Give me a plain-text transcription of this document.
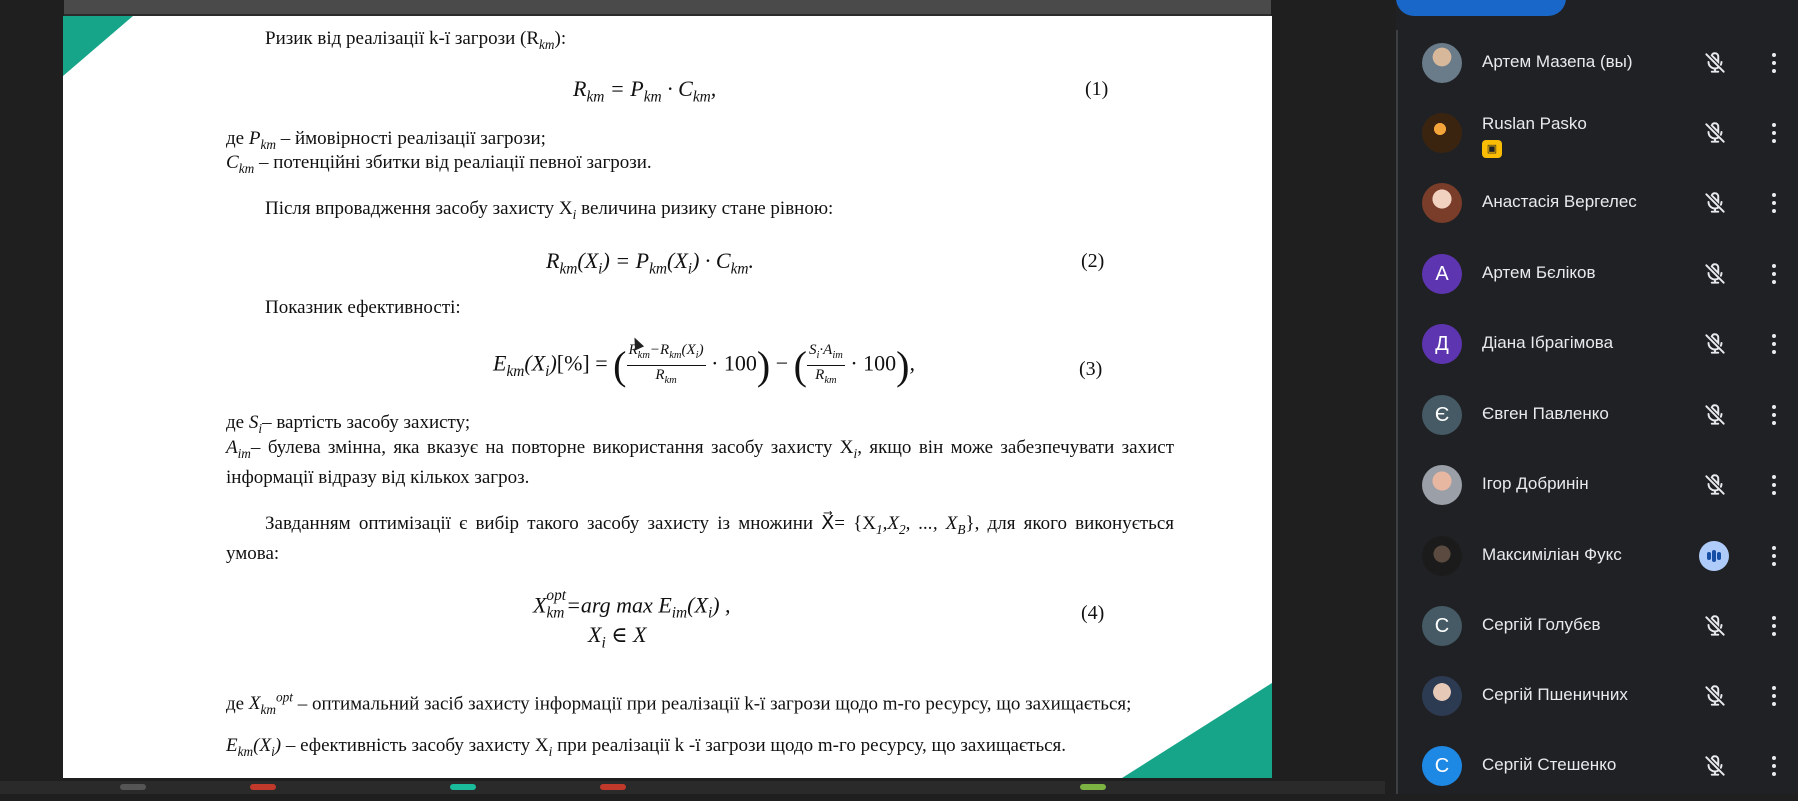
Ризик від реалізації k-ї загрози $(R_{km})$:
$R_{km} = P_{km} \cdot C_{km}$,	(1)
де $P_{km}$ – ймовірності реалізації загрози;
$C_{km}$ – потенційні збитки від реаліації певної загрози.
Після впровадження засобу захисту $X_i$ величина ризику стане рівною:
$R_{km}(X_i) = P_{km}(X_i) \cdot C_{km}$.	(2)
Показник ефективності:
$E_{km}(X_i)[\%]$ = ( $\frac{R_{km}-R_{km}(X_i)}{R_{km}} \cdot 100$) − ( $\frac{S_i\cdot A_{im}}{R_{km}} \cdot 100$),	(3)
де $S_i-$ вартість засобу захисту;
$A_{im}-$ булева змінна, яка вказує на повторне використання засобу захисту $X_i$, якщо він може забезпечувати захист інформації відразу від кількох загроз.
Завданням оптимізації є вибір такого засобу захисту із множини X⃗= {$X_1,X_2$, ..., $X_B$}, для якого виконується умова:
$X_{km}^{opt}=arg$ $\max E_{im}(X_i)$ ,
$X_i$ ∈ X⃗
(4)
де $X_{km}^{opt}$ – оптимальний засіб захисту інформації при реалізації k-ї загрози щодо m-го ресурсу, що захищається;
$E_{km}(X_i)$ – ефективність засобу захисту $X_i$ при реалізації k -ї загрози щодо m-го ресурсу, що захищається.
Артем Мазепа (вы)
Ruslan Pasko
▣
Анастасія Вергелес
А	Артем Бєліков
Д	Діана Ібрагімова
Є	Євген Павленко
Ігор Добринін
Максиміліан Фукс
С	Сергій Голубєв
Сергій Пшеничних
С	Сергій Стешенко
